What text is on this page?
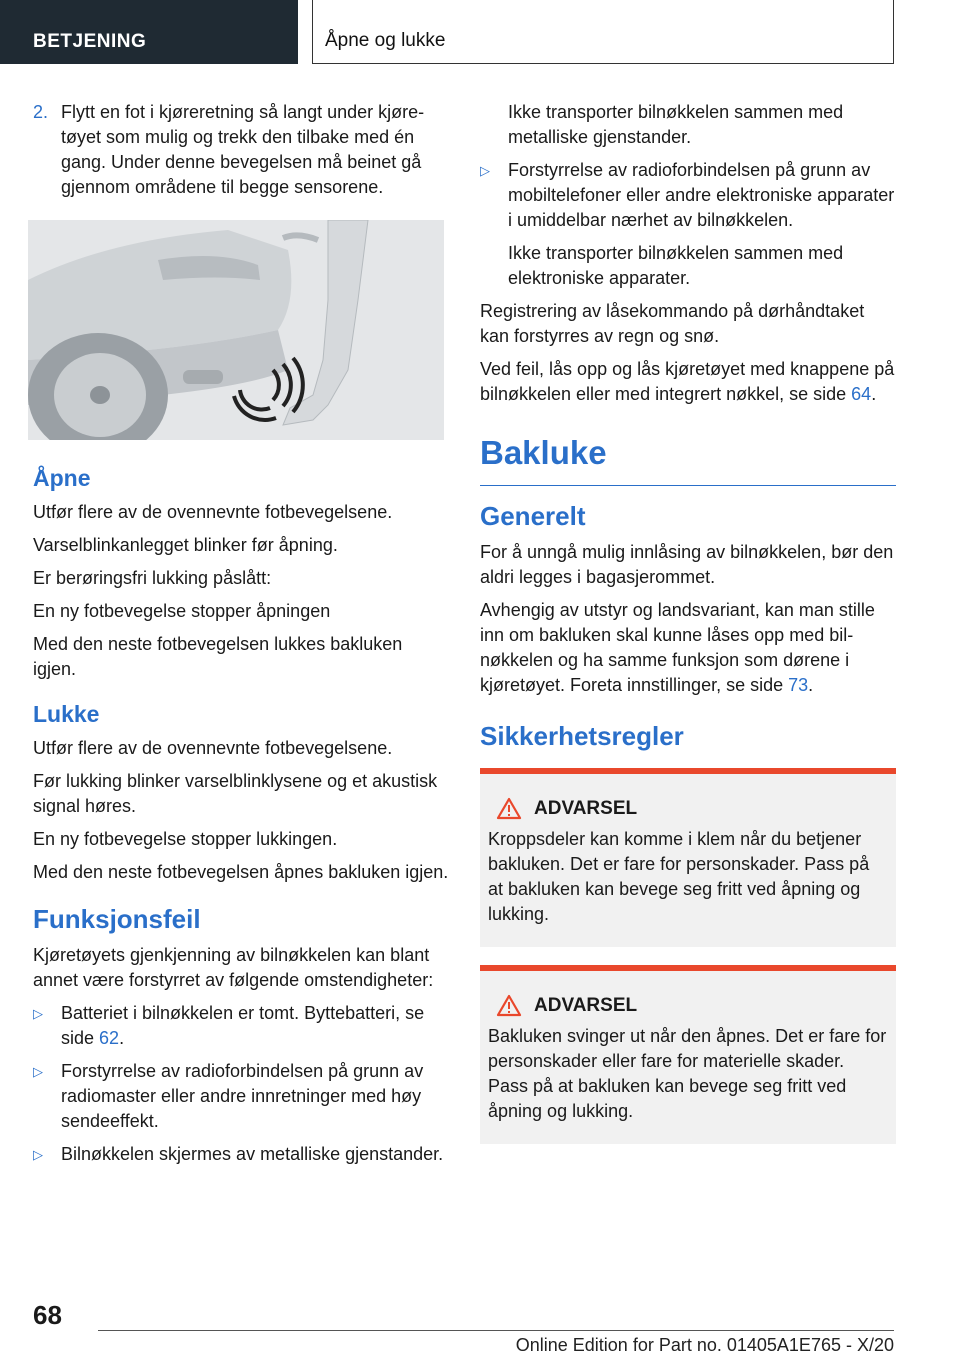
BETJENING	Åpne og lukke
2. Flytt en fot i kjøreretning så langt under kjøretøyet som mulig og trekk den tilbake med én gang. Under denne bevegelsen må beinet gå gjennom områdene til begge sensorene.
Åpne

Utfør flere av de ovennevnte fotbevegelsene.

Varselblinkanlegget blinker før åpning.

Er berøringsfri lukking påslått:

En ny fotbevegelse stopper åpningen

Med den neste fotbevegelsen lukkes bakluken igjen.

Lukke

Utfør flere av de ovennevnte fotbevegelsene.

Før lukking blinker varselblinklysene og et akustisk signal høres.

En ny fotbevegelse stopper lukkingen.

Med den neste fotbevegelsen åpnes bakluken igjen.

Funksjonsfeil

Kjøretøyets gjenkjenning av bilnøkkelen kan blant annet være forstyrret av følgende omstendigheter:

▷ Batteriet i bilnøkkelen er tomt. Byttebatteri, se side 62.
▷ Forstyrrelse av radioforbindelsen på grunn av radiomaster eller andre innretninger med høy sendeeffekt.
▷ Bilnøkkelen skjermes av metalliske gjenstander.

Ikke transporter bilnøkkelen sammen med metalliske gjenstander.

▷ Forstyrrelse av radioforbindelsen på grunn av mobiltelefoner eller andre elektroniske apparater i umiddelbar nærhet av bilnøkkelen.

Ikke transporter bilnøkkelen sammen med elektroniske apparater.

Registrering av låsekommando på dørhåndtaket kan forstyrres av regn og snø.

Ved feil, lås opp og lås kjøretøyet med knappene på bilnøkkelen eller med integrert nøkkel, se side 64.

Bakluke
Generelt

For å unngå mulig innlåsing av bilnøkkelen, bør den aldri legges i bagasjerommet.

Avhengig av utstyr og landsvariant, kan man stille inn om bakluken skal kunne låses opp med bilnøkkelen og ha samme funksjon som dørene i kjøretøyet. Foreta innstillinger, se side 73.

Sikkerhetsregler
ADVARSEL
Kroppsdeler kan komme i klem når du betjener bakluken. Det er fare for personskader. Pass på at bakluken kan bevege seg fritt ved åpning og lukking.
ADVARSEL
Bakluken svinger ut når den åpnes. Det er fare for personskader eller fare for materielle skader. Pass på at bakluken kan bevege seg fritt ved åpning og lukking.
68
Online Edition for Part no. 01405A1E765 - X/20
